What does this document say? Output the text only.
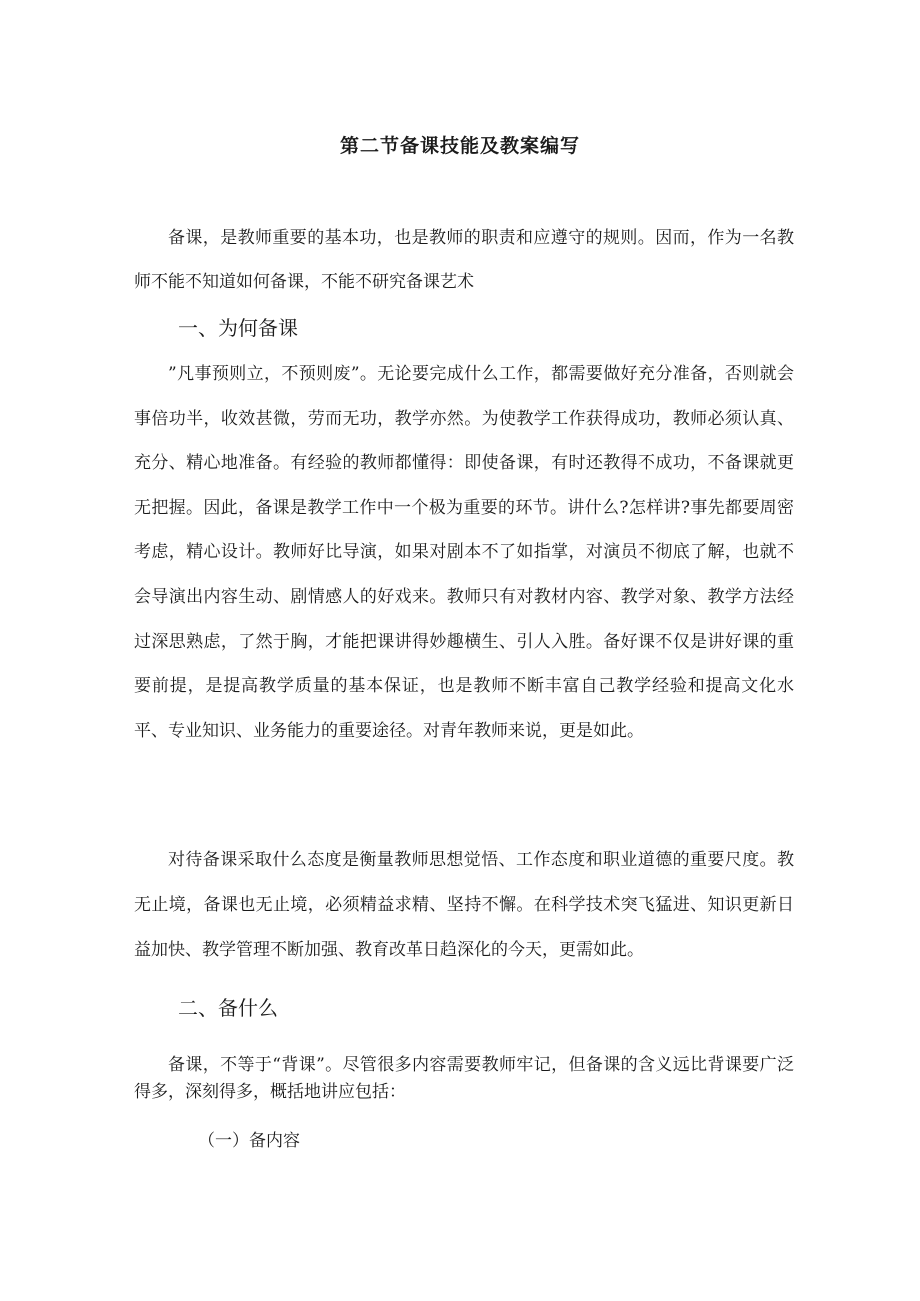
第二节备课技能及教案编写

备课，是教师重要的基本功，也是教师的职责和应遵守的规则。因而，作为一名教师不能不知道如何备课，不能不研究备课艺术

一、为何备课

”凡事预则立，不预则废”。无论要完成什么工作，都需要做好充分准备，否则就会事倍功半，收效甚微，劳而无功，教学亦然。为使教学工作获得成功，教师必须认真、充分、精心地准备。有经验的教师都懂得：即使备课，有时还教得不成功，不备课就更无把握。因此，备课是教学工作中一个极为重要的环节。讲什么?怎样讲?事先都要周密考虑，精心设计。教师好比导演，如果对剧本不了如指掌，对演员不彻底了解，也就不会导演出内容生动、剧情感人的好戏来。教师只有对教材内容、教学对象、教学方法经过深思熟虑，了然于胸，才能把课讲得妙趣横生、引人入胜。备好课不仅是讲好课的重要前提，是提高教学质量的基本保证，也是教师不断丰富自己教学经验和提高文化水平、专业知识、业务能力的重要途径。对青年教师来说，更是如此。

对待备课采取什么态度是衡量教师思想觉悟、工作态度和职业道德的重要尺度。教无止境，备课也无止境，必须精益求精、坚持不懈。在科学技术突飞猛进、知识更新日益加快、教学管理不断加强、教育改革日趋深化的今天，更需如此。

二、备什么

备课，不等于“背课”。尽管很多内容需要教师牢记，但备课的含义远比背课要广泛得多，深刻得多，概括地讲应包括：

（一）备内容
